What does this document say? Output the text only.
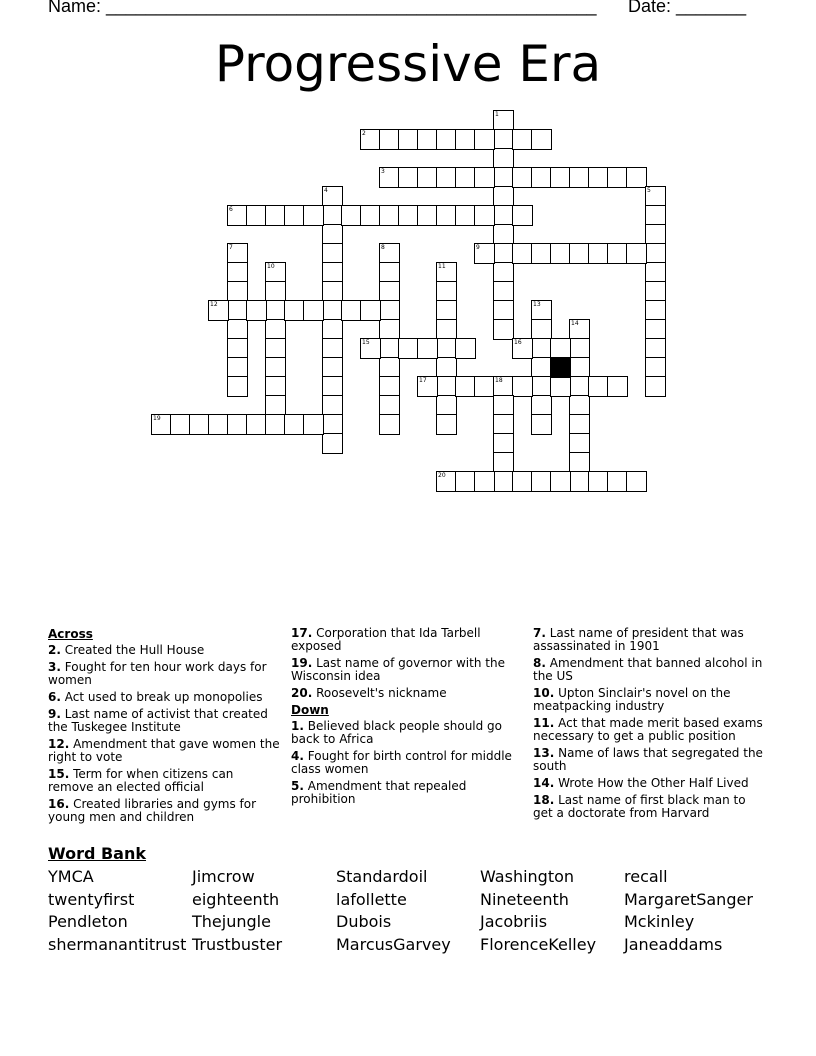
Name: _________________________________________________ Date: _______
Progressive Era
1
2
3
4	5
6
7	8	9
10	11
12	13
14
15	16
17	18
19
20
Across
2. Created the Hull House
3. Fought for ten hour work days for women
6. Act used to break up monopolies
9. Last name of activist that created the Tuskegee Institute
12. Amendment that gave women the right to vote
15. Term for when citizens can remove an elected official
16. Created libraries and gyms for young men and children
17. Corporation that Ida Tarbell exposed
19. Last name of governor with the Wisconsin idea
20. Roosevelt's nickname
Down
1. Believed black people should go back to Africa
4. Fought for birth control for middle class women
5. Amendment that repealed prohibition
7. Last name of president that was assassinated in 1901
8. Amendment that banned alcohol in the US
10. Upton Sinclair's novel on the meatpacking industry
11. Act that made merit based exams necessary to get a public position
13. Name of laws that segregated the south
14. Wrote How the Other Half Lived
18. Last name of first black man to get a doctorate from Harvard
Word Bank
YMCA	Jimcrow	Standardoil	Washington	recall
twentyfirst	eighteenth	lafollette	Nineteenth	MargaretSanger
Pendleton	Thejungle	Dubois	Jacobriis	Mckinley
shermanantitrust Trustbuster	MarcusGarvey	FlorenceKelley	Janeaddams
